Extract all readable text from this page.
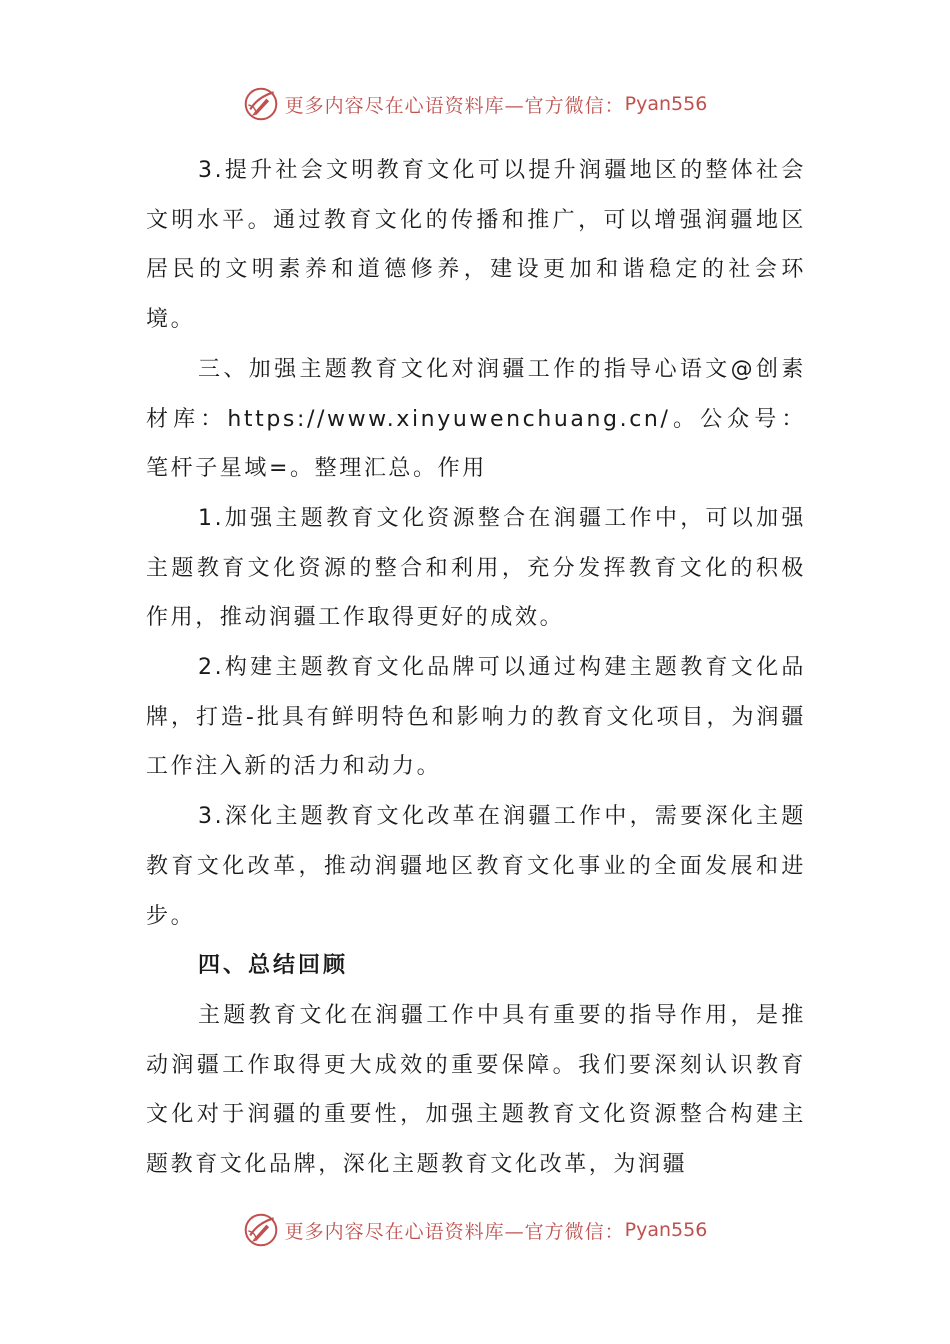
更多内容尽在心语资料库—官方微信： Pyan556

3.提升社会文明教育文化可以提升润疆地区的整体社会文明水平。通过教育文化的传播和推广，可以增强润疆地区居民的文明素养和道德修养，建设更加和谐稳定的社会环境。

三、加强主题教育文化对润疆工作的指导心语文@创素材库：https://www.xinyuwenchuang.cn/。公众号：笔杆子星域=。整理汇总。作用

1.加强主题教育文化资源整合在润疆工作中，可以加强主题教育文化资源的整合和利用，充分发挥教育文化的积极作用，推动润疆工作取得更好的成效。

2.构建主题教育文化品牌可以通过构建主题教育文化品牌，打造-批具有鲜明特色和影响力的教育文化项目，为润疆工作注入新的活力和动力。

3.深化主题教育文化改革在润疆工作中，需要深化主题教育文化改革，推动润疆地区教育文化事业的全面发展和进步。

四、总结回顾

主题教育文化在润疆工作中具有重要的指导作用，是推动润疆工作取得更大成效的重要保障。我们要深刻认识教育文化对于润疆的重要性，加强主题教育文化资源整合构建主题教育文化品牌，深化主题教育文化改革，为润疆

更多内容尽在心语资料库—官方微信： Pyan556
